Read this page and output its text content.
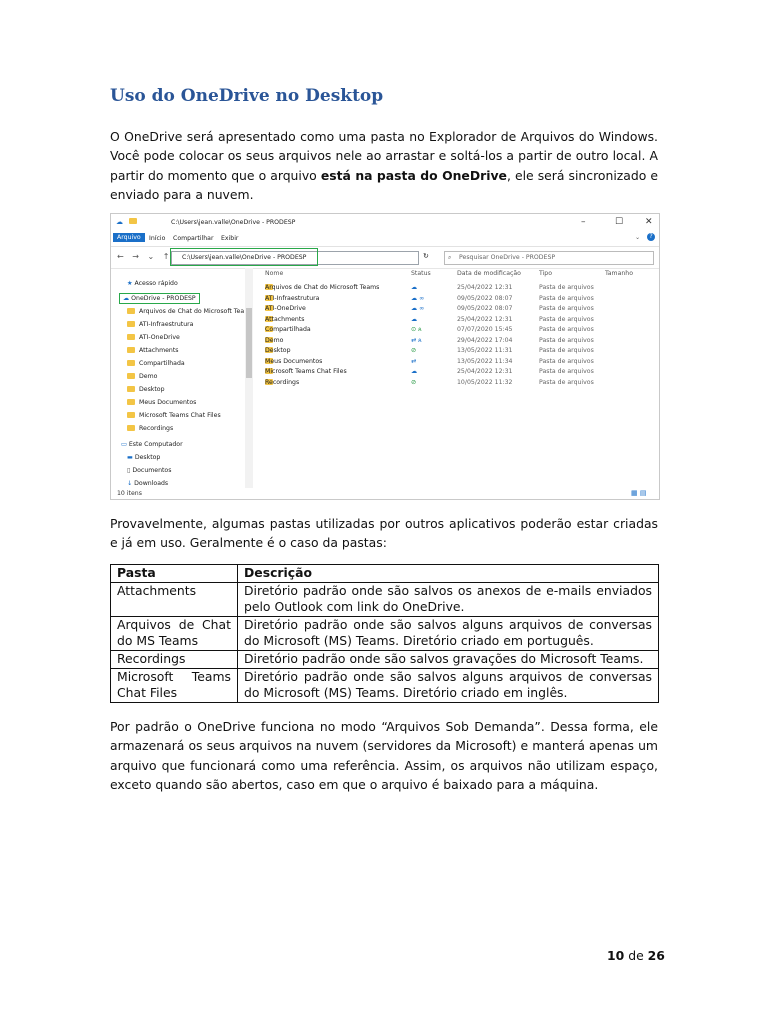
Uso do OneDrive no Desktop

O OneDrive será apresentado como uma pasta no Explorador de Arquivos do Windows. Você pode colocar os seus arquivos nele ao arrastar e soltá-los a partir de outro local. A partir do momento que o arquivo está na pasta do OneDrive, ele será sincronizado e enviado para a nuvem.

☁	C:\Users\jean.valle\OneDrive - PRODESP	–	☐ ✕
Arquivo	Início Compartilhar Exibir	⌄	?
← → ⌄ ↑ C:\Users\jean.valle\OneDrive - PRODESP	↻	⌕ Pesquisar OneDrive - PRODESP
★ Acesso rápido
☁ OneDrive - PRODESP
Arquivos de Chat do Microsoft Tea
ATI-Infraestrutura
ATI-OneDrive
Attachments
Compartilhada
Demo
Desktop
Meus Documentos
Microsoft Teams Chat Files
Recordings
▭ Este Computador
▬ Desktop
▯ Documentos
↓ Downloads
Nome	Status	Data de modificação	Tipo	Tamanho
Arquivos de Chat do Microsoft Teams	☁	25/04/2022 12:31	Pasta de arquivos
ATI-Infraestrutura	☁ ∞	09/05/2022 08:07	Pasta de arquivos
ATI-OneDrive	☁ ∞	09/05/2022 08:07	Pasta de arquivos
Attachments	☁	25/04/2022 12:31	Pasta de arquivos
Compartilhada	⊙ ጰ	07/07/2020 15:45	Pasta de arquivos
Demo	⇄ ጰ	29/04/2022 17:04	Pasta de arquivos
Desktop	⊘	13/05/2022 11:31	Pasta de arquivos
Meus Documentos	⇄	13/05/2022 11:34	Pasta de arquivos
Microsoft Teams Chat Files	☁	25/04/2022 12:31	Pasta de arquivos
Recordings	⊘	10/05/2022 11:32	Pasta de arquivos
10 itens	▦ ▤

Provavelmente, algumas pastas utilizadas por outros aplicativos poderão estar criadas e já em uso. Geralmente é o caso da pastas:

Pasta	Descrição
Attachments	Diretório padrão onde são salvos os anexos de e-mails enviados pelo Outlook com link do OneDrive.
Arquivos de Chat do MS Teams	Diretório padrão onde são salvos alguns arquivos de conversas do Microsoft (MS) Teams. Diretório criado em português.
Recordings	Diretório padrão onde são salvos gravações do Microsoft Teams.
Microsoft Teams Chat Files	Diretório padrão onde são salvos alguns arquivos de conversas do Microsoft (MS) Teams. Diretório criado em inglês.

Por padrão o OneDrive funciona no modo “Arquivos Sob Demanda”. Dessa forma, ele armazenará os seus arquivos na nuvem (servidores da Microsoft) e manterá apenas um arquivo que funcionará como uma referência. Assim, os arquivos não utilizam espaço, exceto quando são abertos, caso em que o arquivo é baixado para a máquina.

10 de 26
